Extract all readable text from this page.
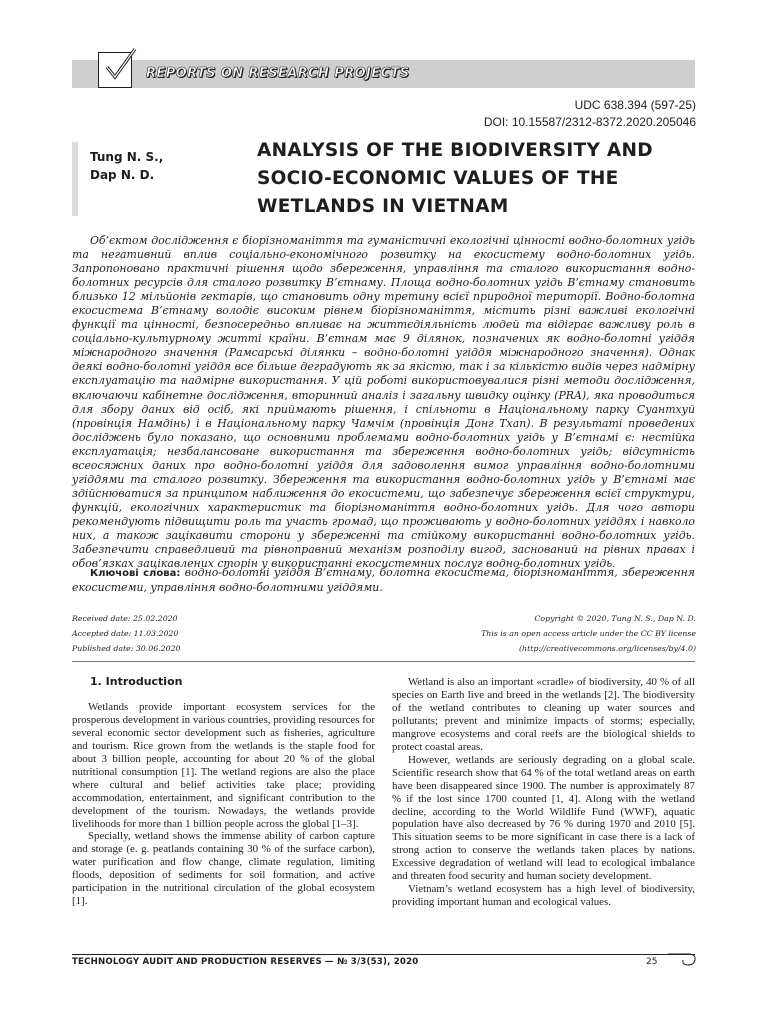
REPORTS ON RESEARCH PROJECTS
UDC 638.394 (597-25)
DOI: 10.15587/2312-8372.2020.205046
Tung N. S.,
Dap N. D.
ANALYSIS OF THE BIODIVERSITY AND SOCIO-ECONOMIC VALUES OF THE WETLANDS IN VIETNAM

Об’єктом дослідження є біорізноманіття та гуманістичні екологічні цінності водно-болотних угідь та негативний вплив соціально-економічного розвитку на екосистему водно-болотних угідь. Запропоновано практичні рішення щодо збереження, управління та сталого використання водно-болотних ресурсів для сталого розвитку В’єтнаму. Площа водно-болотних угідь В’єтнаму становить близько 12 мільйонів гектарів, що становить одну третину всієї природної території. Водно-болотна екосистема В’єтнаму володіє високим рівнем біорізноманіття, містить різні важливі екологічні функції та цінності, безпосередньо впливає на життєдіяльність людей та відіграє важливу роль в соціально-культурному житті країни. В’єтнам має 9 ділянок, позначених як водно-болотні угіддя міжнародного значення (Рамсарські ділянки – водно-болотні угіддя міжнародного значення). Однак деякі водно-болотні угіддя все більше деградують як за якістю, так і за кількістю видів через надмірну експлуатацію та надмірне використання. У цій роботі використовувалися різні методи дослідження, включаючи кабінетне дослідження, вторинний аналіз і загальну швидку оцінку (PRA), яка проводиться для збору даних від осіб, які приймають рішення, і спільноти в Національному парку Суантхуй (провінція Намдінь) і в Національному парку Чамчім (провінція Донг Тхап). В результаті проведених досліджень було показано, що основними проблемами водно-болотних угідь у В’єтнамі є: нестійка експлуатація; незбалансоване використання та збереження водно-болотних угідь; відсутність всеосяжних даних про водно-болотні угіддя для задоволення вимог управління водно-болотними угіддями та сталого розвитку. Збереження та використання водно-болотних угідь у В’єтнамі має здійснюватися за принципом наближення до екосистеми, що забезпечує збереження всієї структури, функцій, екологічних характеристик та біорізноманіття водно-болотних угідь. Для чого автори рекомендують підвищити роль та участь громад, що проживають у водно-болотних угіддях і навколо них, а також зацікавити сторони у збереженні та стійкому використанні водно-болотних угідь. Забезпечити справедливий та рівноправний механізм розподілу вигод, заснований на рівних правах і обов’язках зацікавлених сторін у використанні екосистемних послуг водно-болотних угідь.

Ключові слова: водно-болотні угіддя В’єтнаму, болотна екосистема, біорізноманіття, збереження екосистеми, управління водно-болотними угіддями.
Received date: 25.02.2020
Accepted date: 11.03.2020
Published date: 30.06.2020
Copyright © 2020, Tung N. S., Dap N. D.
This is an open access article under the CC BY license
(http://creativecommons.org/licenses/by/4.0)
1. Introduction

Wetlands provide important ecosystem services for the prosperous development in various countries, providing resources for several economic sector development such as fisheries, agriculture and tourism. Rice grown from the wetlands is the staple food for about 3 billion people, accounting for about 20 % of the global nutritional consumption [1]. The wetland regions are also the place where cultural and belief activities take place; providing accommodation, entertainment, and significant contribution to the development of the tourism. Nowadays, the wetlands provide livelihoods for more than 1 billion people across the global [1–3].

Specially, wetland shows the immense ability of carbon capture and storage (e. g. peatlands containing 30 % of the surface carbon), water purification and flow change, climate regulation, limiting floods, deposition of sediments for soil formation, and active participation in the nutritional circulation of the global ecosystem [1].

Wetland is also an important «cradle» of biodiversity, 40 % of all species on Earth live and breed in the wetlands [2]. The biodiversity of the wetland contributes to cleaning up water sources and pollutants; prevent and minimize impacts of storms; especially, mangrove ecosystems and coral reefs are the biological shields to protect coastal areas.

However, wetlands are seriously degrading on a global scale. Scientific research show that 64 % of the total wetland areas on earth have been disappeared since 1900. The number is approximately 87 % if the lost since 1700 counted [1, 4]. Along with the wetland decline, according to the World Wildlife Fund (WWF), aquatic population have also decreased by 76 % during 1970 and 2010 [5]. This situation seems to be more significant in case there is a lack of strong action to conserve the wetlands taken places by nations. Excessive degradation of wetland will lead to ecological imbalance and threaten food security and human society development.

Vietnam’s wetland ecosystem has a high level of biodiversity, providing important human and ecological values.

TECHNOLOGY AUDIT AND PRODUCTION RESERVES — № 3/3(53), 2020	25
